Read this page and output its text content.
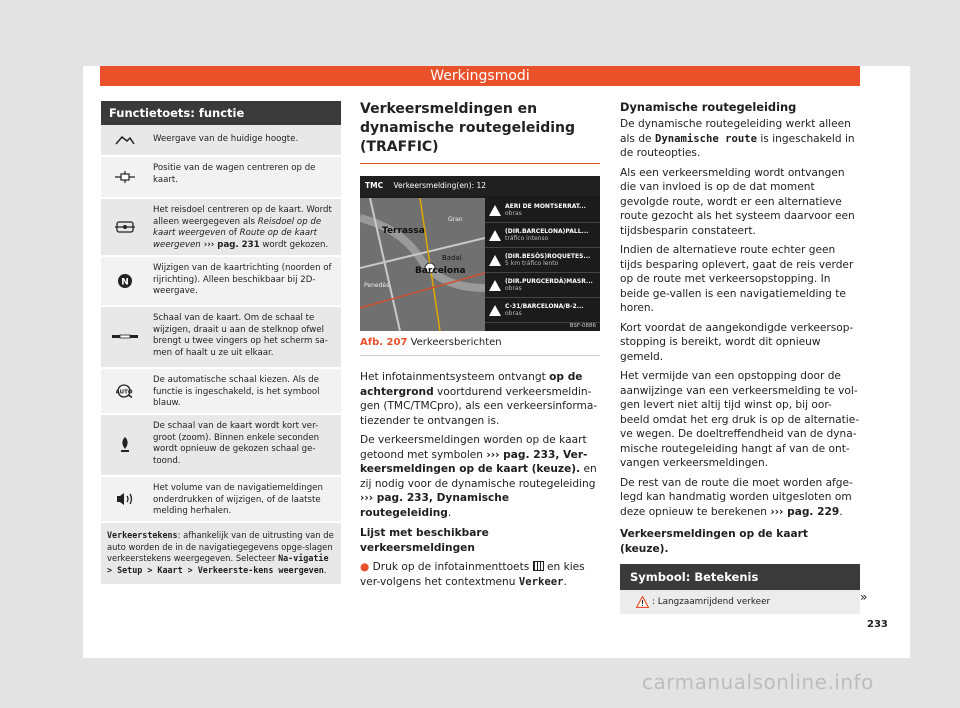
Werkingsmodi
Functietoets: functie
Weergave van de huidige hoogte.
Positie van de wagen centreren op de kaart.
Het reisdoel centreren op de kaart. Wordt alleen weergegeven als Reisdoel op de kaart weergeven of Route op de kaart weergeven ››› pag. 231 wordt gekozen.
N
Wijzigen van de kaartrichting (noorden of rijrichting). Alleen beschikbaar bij 2D-weergave.
Schaal van de kaart. Om de schaal te wijzigen, draait u aan de stelknop ofwel brengt u twee vingers op het scherm sa-men of haalt u ze uit elkaar.
AUTO
De automatische schaal kiezen. Als de functie is ingeschakeld, is het symbool blauw.
De schaal van de kaart wordt kort ver-groot (zoom). Binnen enkele seconden wordt opnieuw de gekozen schaal ge-toond.
Het volume van de navigatiemeldingen onderdrukken of wijzigen, of de laatste melding herhalen.
Verkeerstekens: afhankelijk van de uitrusting van de auto worden de in de navigatiegegevens opge-slagen verkeerstekens weergegeven. Selecteer Na-vigatie > Setup > Kaart > Verkeerste-kens weergeven.
Verkeersmeldingen en dynamische routegeleiding (TRAFFIC)
TMC Verkeersmelding(en): 12
Gran
Terrassa
Barcelona
Badal
Penedès
AERI DE MONTSERRAT...
obras
(DIR.BARCELONA)PALL...
tráfico intenso
(DIR.BESÒS)ROQUETES...
5 km tráfico lento
(DIR.PURGCERDÀ)MASR...
obras
C-31/BARCELONA/B-2...
obras
BSF-0886
Afb. 207 Verkeersberichten

Het infotainmentsysteem ontvangt op de achtergrond voortdurend verkeersmeldin-gen (TMC/TMCpro), als een verkeersinforma-tiezender te ontvangen is.

De verkeersmeldingen worden op de kaart getoond met symbolen ››› pag. 233, Ver-keersmeldingen op de kaart (keuze). en zij nodig voor de dynamische routegeleiding ››› pag. 233, Dynamische routegeleiding.

Lijst met beschikbare verkeersmeldingen

● Druk op de infotainmenttoets  en kies ver-volgens het contextmenu Verkeer.

Dynamische routegeleiding

De dynamische routegeleiding werkt alleen als de Dynamische route is ingeschakeld in de routeopties.

Als een verkeersmelding wordt ontvangen die van invloed is op de dat moment gevolgde route, wordt er een alternatieve route gezocht als het systeem daarvoor een tijdsbesparin constateert.

Indien de alternatieve route echter geen tijds besparing oplevert, gaat de reis verder op de route met verkeersopstopping. In beide ge-vallen is een navigatiemelding te horen.

Kort voordat de aangekondigde verkeersop-stopping is bereikt, wordt dit opnieuw gemeld.

Het vermijde van een opstopping door de aanwijzinge van een verkeersmelding te vol-gen levert niet altij tijd winst op, bij oor-beeld omdat het erg druk is op de alternatie-ve wegen. De doeltreffendheid van de dyna-mische routegeleiding hangt af van de ont-vangen verkeersmeldingen.

De rest van de route die moet worden afge-legd kan handmatig worden uitgesloten om deze opnieuw te berekenen ››› pag. 229.

Verkeersmeldingen op de kaart (keuze).

Symbool: Betekenis
: Langzaamrijdend verkeer	»
233
carmanualsonline.info
